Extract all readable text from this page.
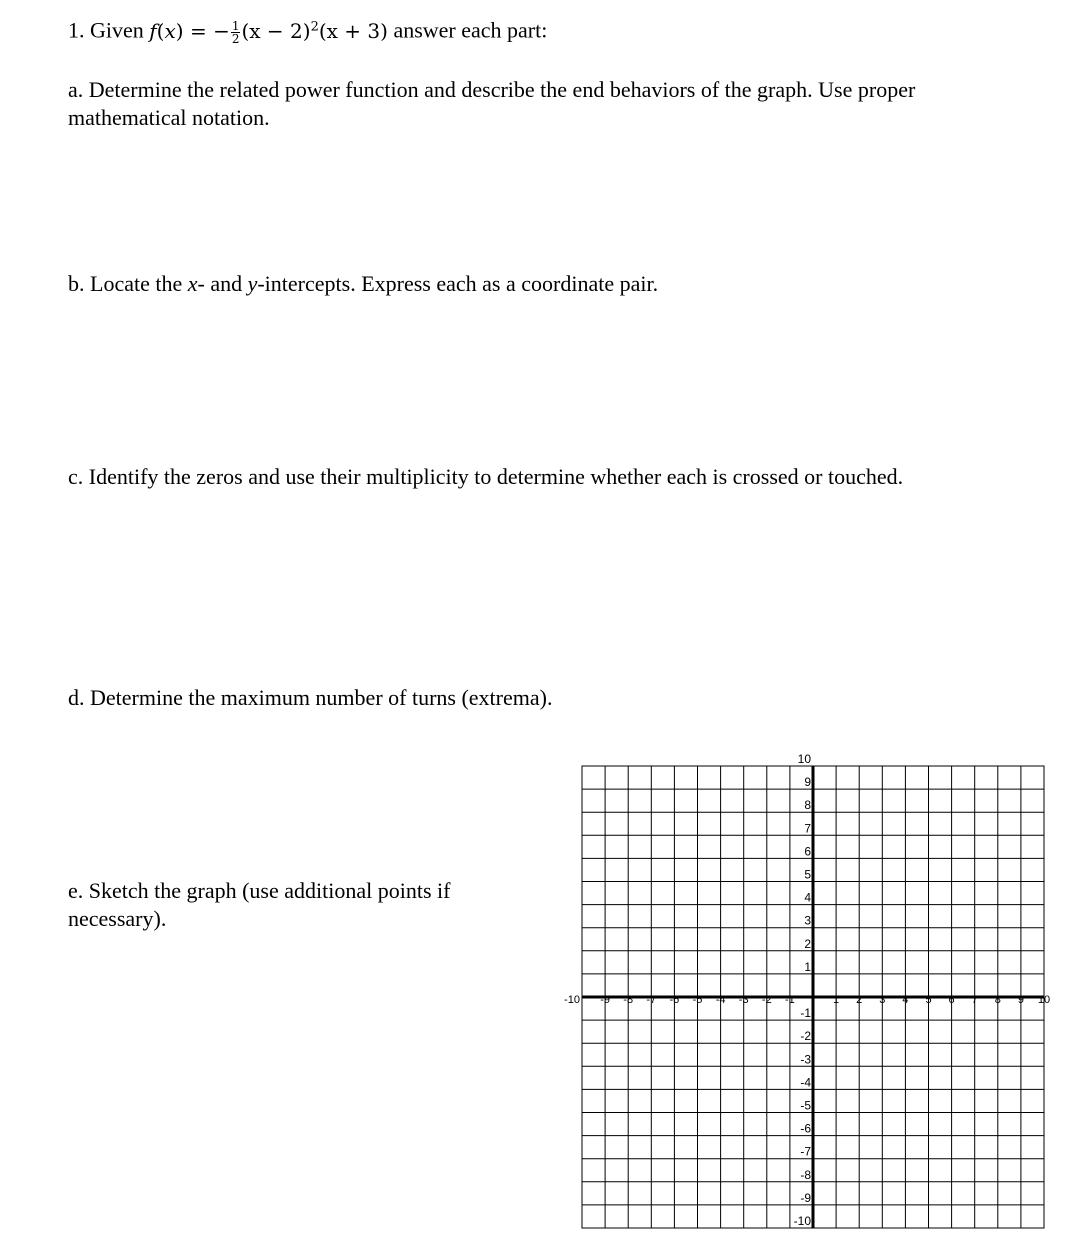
1. Given f(x) = − $\frac{1}{2} (x - 2)^2(x + 3)$ answer each part:

a. Determine the related power function and describe the end behaviors of the graph. Use proper
mathematical notation.

b. Locate the x- and y-intercepts. Express each as a coordinate pair.

c. Identify the zeros and use their multiplicity to determine whether each is crossed or touched.

d. Determine the maximum number of turns (extrema).

e. Sketch the graph (use additional points if
necessary).

-10 -9 -8 -7 -6 -5 -4 -3 -2 -1	1 2 3 4 5 6 7 8 9 10
10
9
8
7
6
5
4
3
2
1
-1
-2
-3
-4
-5
-6
-7
-8
-9
-10
